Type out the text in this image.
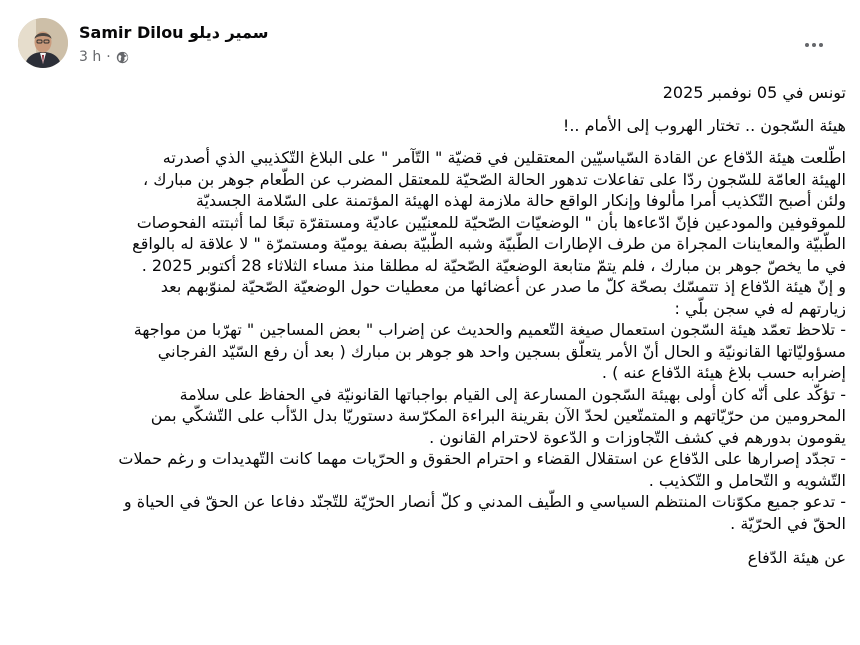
Samir Dilou سمير ديلو
3 h ·

تونس في 05 نوفمبر 2025

هيئة السّجون .. تختار الهروب إلى الأمام ..!

اطّلعت هيئة الدّفاع عن القادة السّياسيّين المعتقلين في قضيّة " التّآمر " على البلاغ التّكذيبي الذي أصدرته

الهيئة العامّة للسّجون ردّا على تفاعلات تدهور الحالة الصّحيّة للمعتقل المضرب عن الطّعام جوهر بن مبارك ،

ولئن أصبح التّكذيب أمرا مألوفا وإنكار الواقع حالة ملازمة لهذه الهيئة المؤتمنة على السّلامة الجسديّة

للموقوفين والمودعين فإنّ ادّعاءها بأن " الوضعيّات الصّحيّة للمعنيّين عاديّة ومستقرّة تبعًا لما أثبتته الفحوصات

الطّبيّة والمعاينات المجراة من طرف الإطارات الطّبيّة وشبه الطّبيّة بصفة يوميّة ومستمرّة " لا علاقة له بالواقع

في ما يخصّ جوهر بن مبارك ، فلم يتمّ متابعة الوضعيّة الصّحيّة له مطلقا منذ مساء الثلاثاء 28 أكتوبر 2025 .

و إنّ هيئة الدّفاع إذ تتمسّك بصحّة كلّ ما صدر عن أعضائها من معطيات حول الوضعيّة الصّحيّة لمنوّبهم بعد

زيارتهم له في سجن بلّي :

- تلاحظ تعمّد هيئة السّجون استعمال صيغة التّعميم والحديث عن إضراب " بعض المساجين " تهرّبا من مواجهة

مسؤوليّاتها القانونيّة و الحال أنّ الأمر يتعلّق بسجين واحد هو جوهر بن مبارك ( بعد أن رفع السّيّد الفرجاني

إضرابه حسب بلاغ هيئة الدّفاع عنه ) .

- تؤكّد على أنّه كان أولى بهيئة السّجون المسارعة إلى القيام بواجباتها القانونيّة في الحفاظ على سلامة

المحرومين من حرّيّاتهم و المتمتّعين لحدّ الآن بقرينة البراءة المكرّسة دستوريّا بدل الدّأب على التّشكّي بمن

يقومون بدورهم في كشف التّجاوزات و الدّعوة لاحترام القانون .

- تجدّد إصرارها على الدّفاع عن استقلال القضاء و احترام الحقوق و الحرّيات مهما كانت التّهديدات و رغم حملات

التّشويه و التّحامل و التّكذيب .

- تدعو جميع مكوّنات المنتظم السياسي و الطّيف المدني و كلّ أنصار الحرّيّة للتّجنّد دفاعا عن الحقّ في الحياة و

الحقّ في الحرّيّة .

عن هيئة الدّفاع
